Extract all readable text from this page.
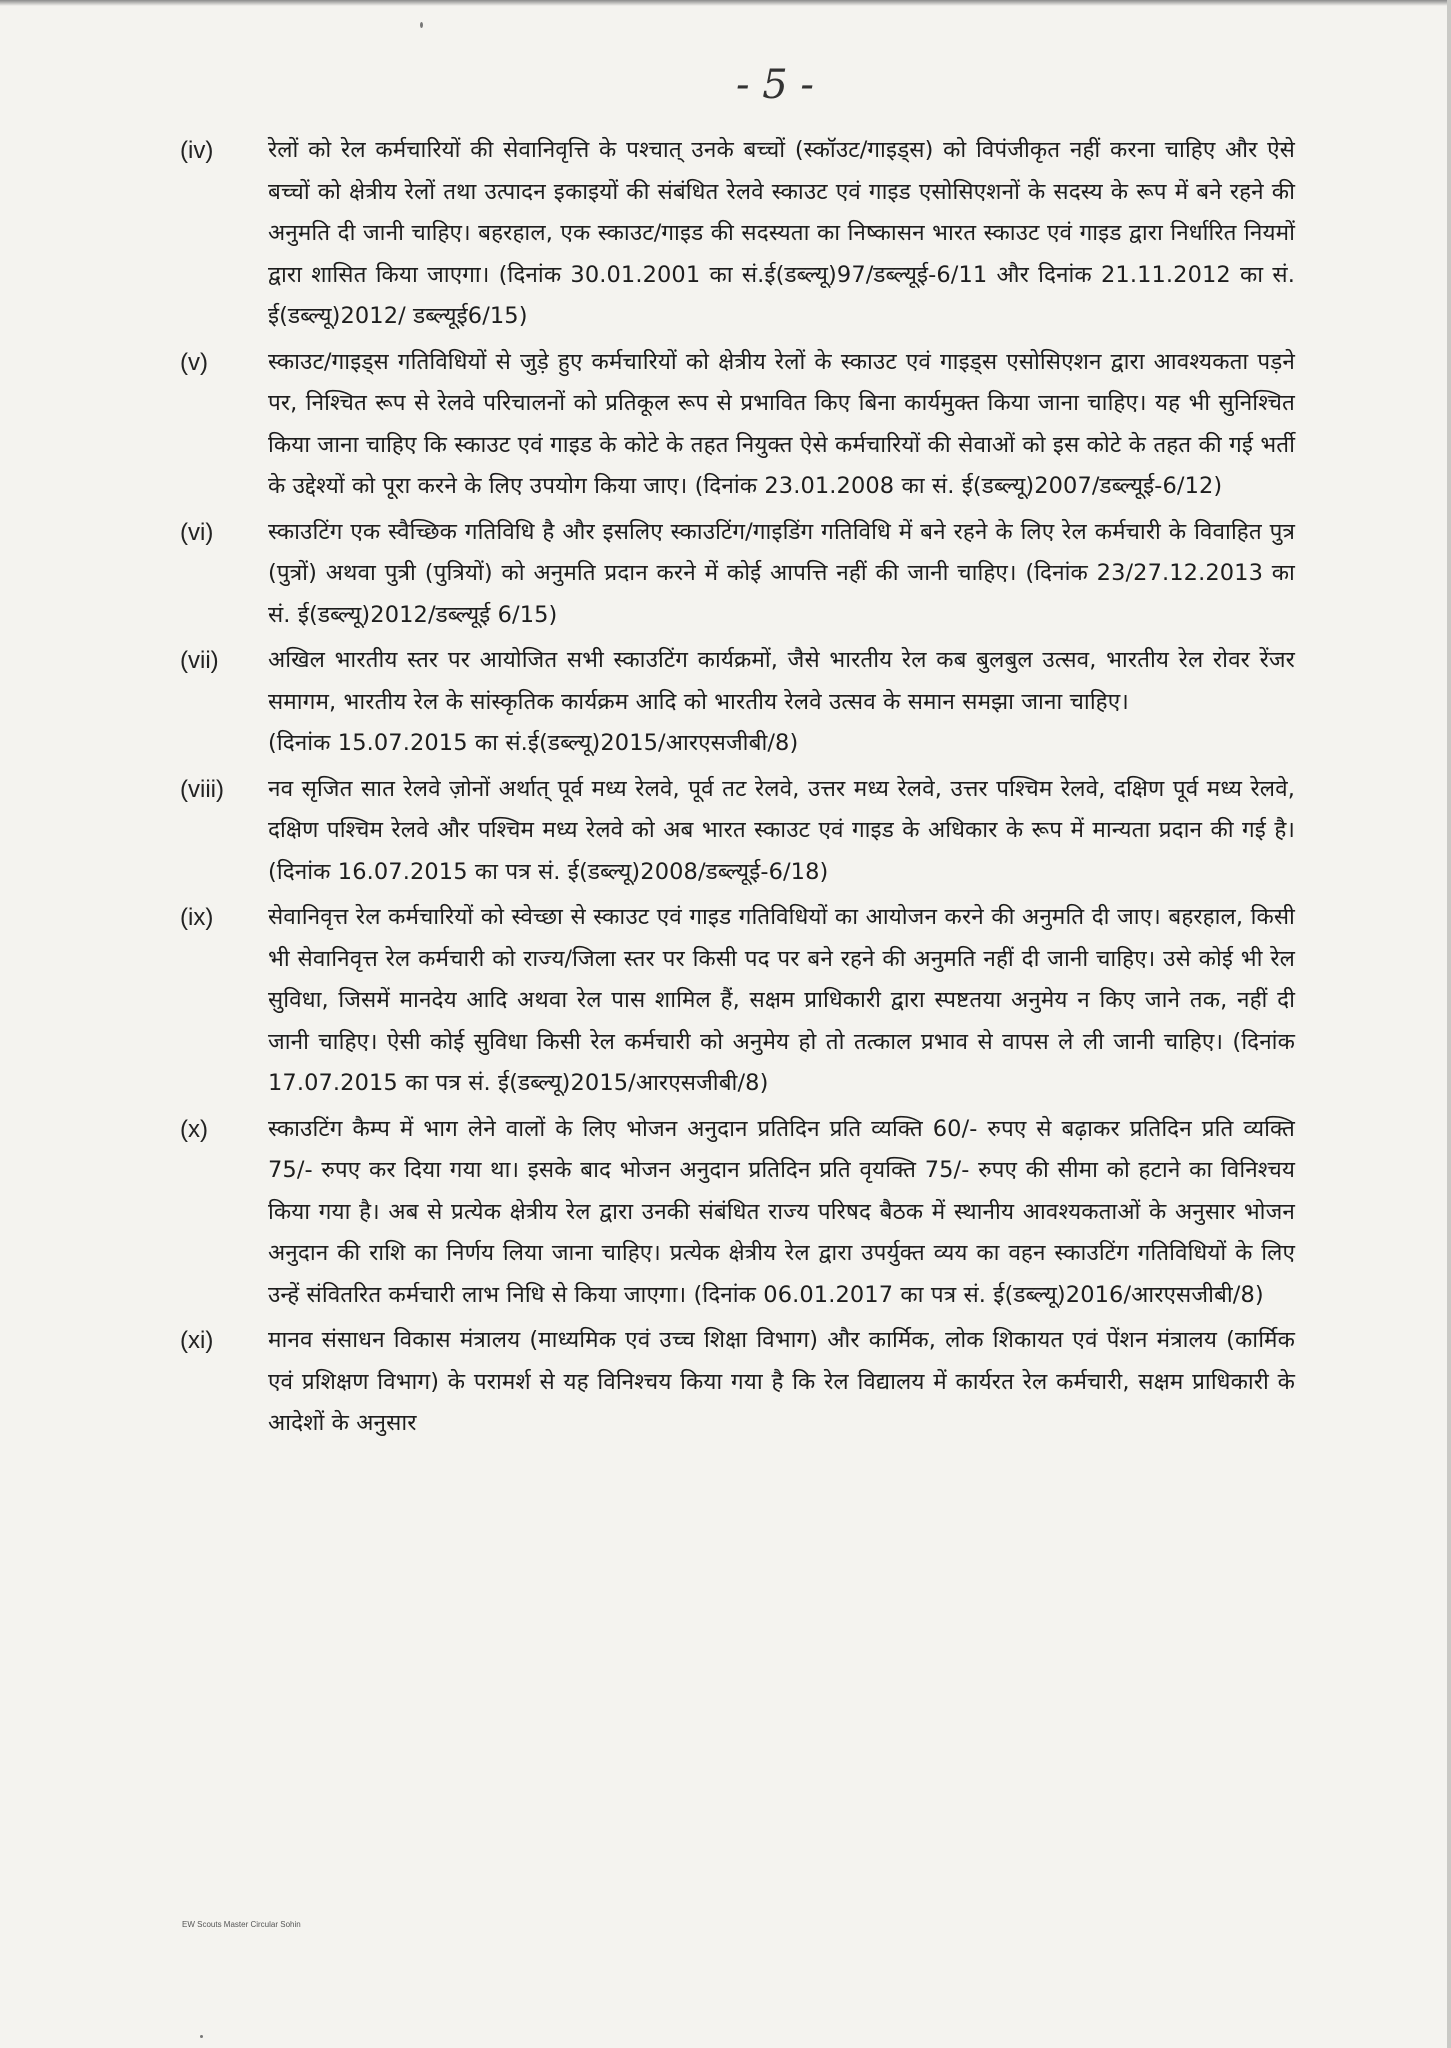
- 5 -
(iv)	रेलों को रेल कर्मचारियों की सेवानिवृत्ति के पश्चात् उनके बच्चों (स्कॉउट/गाइड्स) को विपंजीकृत नहीं करना चाहिए और ऐसे बच्चों को क्षेत्रीय रेलों तथा उत्पादन इकाइयों की संबंधित रेलवे स्काउट एवं गाइड एसोसिएशनों के सदस्य के रूप में बने रहने की अनुमति दी जानी चाहिए। बहरहाल, एक स्काउट/गाइड की सदस्यता का निष्कासन भारत स्काउट एवं गाइड द्वारा निर्धारित नियमों द्वारा शासित किया जाएगा। (दिनांक 30.01.2001 का सं.ई(डब्ल्यू)97/डब्ल्यूई-6/11 और दिनांक 21.11.2012 का सं. ई(डब्ल्यू)2012/ डब्ल्यूई6/15)

(v)	स्काउट/गाइड्स गतिविधियों से जुड़े हुए कर्मचारियों को क्षेत्रीय रेलों के स्काउट एवं गाइड्स एसोसिएशन द्वारा आवश्यकता पड़ने पर, निश्चित रूप से रेलवे परिचालनों को प्रतिकूल रूप से प्रभावित किए बिना कार्यमुक्त किया जाना चाहिए। यह भी सुनिश्चित किया जाना चाहिए कि स्काउट एवं गाइड के कोटे के तहत नियुक्त ऐसे कर्मचारियों की सेवाओं को इस कोटे के तहत की गई भर्ती के उद्देश्यों को पूरा करने के लिए उपयोग किया जाए। (दिनांक 23.01.2008 का सं. ई(डब्ल्यू)2007/डब्ल्यूई-6/12)

(vi)	स्काउटिंग एक स्वैच्छिक गतिविधि है और इसलिए स्काउटिंग/गाइडिंग गतिविधि में बने रहने के लिए रेल कर्मचारी के विवाहित पुत्र (पुत्रों) अथवा पुत्री (पुत्रियों) को अनुमति प्रदान करने में कोई आपत्ति नहीं की जानी चाहिए। (दिनांक 23/27.12.2013 का सं. ई(डब्ल्यू)2012/डब्ल्यूई 6/15)

(vii)	अखिल भारतीय स्तर पर आयोजित सभी स्काउटिंग कार्यक्रमों, जैसे भारतीय रेल कब बुलबुल उत्सव, भारतीय रेल रोवर रेंजर समागम, भारतीय रेल के सांस्कृतिक कार्यक्रम आदि को भारतीय रेलवे उत्सव के समान समझा जाना चाहिए।

(दिनांक 15.07.2015 का सं.ई(डब्ल्यू)2015/आरएसजीबी/8)

(viii)	नव सृजित सात रेलवे ज़ोनों अर्थात् पूर्व मध्य रेलवे, पूर्व तट रेलवे, उत्तर मध्य रेलवे, उत्तर पश्चिम रेलवे, दक्षिण पूर्व मध्य रेलवे, दक्षिण पश्चिम रेलवे और पश्चिम मध्य रेलवे को अब भारत स्काउट एवं गाइड के अधिकार के रूप में मान्यता प्रदान की गई है। (दिनांक 16.07.2015 का पत्र सं. ई(डब्ल्यू)2008/डब्ल्यूई-6/18)

(ix)	सेवानिवृत्त रेल कर्मचारियों को स्वेच्छा से स्काउट एवं गाइड गतिविधियों का आयोजन करने की अनुमति दी जाए। बहरहाल, किसी भी सेवानिवृत्त रेल कर्मचारी को राज्य/जिला स्तर पर किसी पद पर बने रहने की अनुमति नहीं दी जानी चाहिए। उसे कोई भी रेल सुविधा, जिसमें मानदेय आदि अथवा रेल पास शामिल हैं, सक्षम प्राधिकारी द्वारा स्पष्टतया अनुमेय न किए जाने तक, नहीं दी जानी चाहिए। ऐसी कोई सुविधा किसी रेल कर्मचारी को अनुमेय हो तो तत्काल प्रभाव से वापस ले ली जानी चाहिए। (दिनांक 17.07.2015 का पत्र सं. ई(डब्ल्यू)2015/आरएसजीबी/8)

(x)	स्काउटिंग कैम्प में भाग लेने वालों के लिए भोजन अनुदान प्रतिदिन प्रति व्यक्ति 60/- रुपए से बढ़ाकर प्रतिदिन प्रति व्यक्ति 75/- रुपए कर दिया गया था। इसके बाद भोजन अनुदान प्रतिदिन प्रति वृयक्ति 75/- रुपए की सीमा को हटाने का विनिश्चय किया गया है। अब से प्रत्येक क्षेत्रीय रेल द्वारा उनकी संबंधित राज्य परिषद बैठक में स्थानीय आवश्यकताओं के अनुसार भोजन अनुदान की राशि का निर्णय लिया जाना चाहिए। प्रत्येक क्षेत्रीय रेल द्वारा उपर्युक्त व्यय का वहन स्काउटिंग गतिविधियों के लिए उन्हें संवितरित कर्मचारी लाभ निधि से किया जाएगा। (दिनांक 06.01.2017 का पत्र सं. ई(डब्ल्यू)2016/आरएसजीबी/8)

(xi)	मानव संसाधन विकास मंत्रालय (माध्यमिक एवं उच्च शिक्षा विभाग) और कार्मिक, लोक शिकायत एवं पेंशन मंत्रालय (कार्मिक एवं प्रशिक्षण विभाग) के परामर्श से यह विनिश्चय किया गया है कि रेल विद्यालय में कार्यरत रेल कर्मचारी, सक्षम प्राधिकारी के आदेशों के अनुसार

EW Scouts Master Circular Sohin
